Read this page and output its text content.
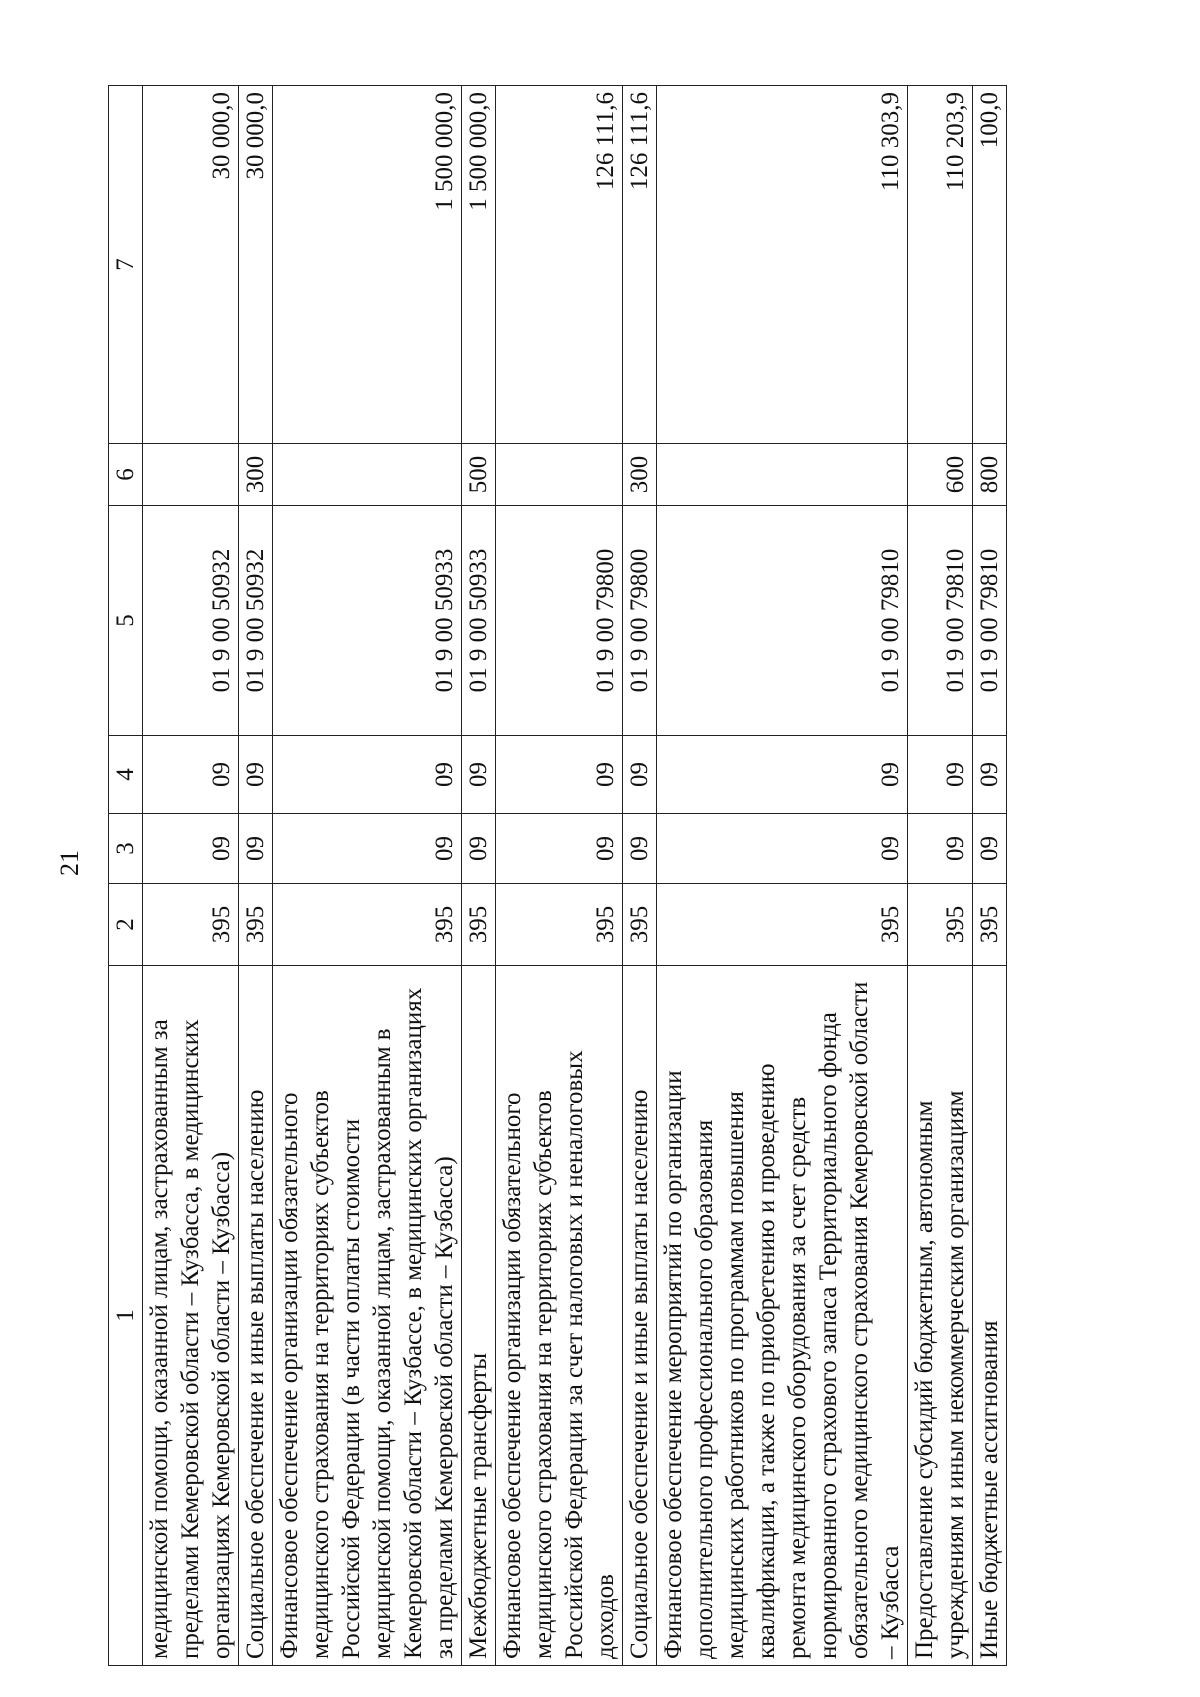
21
1	2	3	4	5	6	7
медицинской помощи, оказанной лицам, застрахованным за пределами Кемеровской области – Кузбасса, в медицинских организациях Кемеровской области – Кузбасса)	395	09	09	01 9 00 50932		30 000,0
Социальное обеспечение и иные выплаты населению	395	09	09	01 9 00 50932	300	30 000,0
Финансовое обеспечение организации обязательного медицинского страхования на территориях субъектов Российской Федерации (в части оплаты стоимости медицинской помощи, оказанной лицам, застрахованным в Кемеровской области – Кузбассе, в медицинских организациях за пределами Кемеровской области – Кузбасса)	395	09	09	01 9 00 50933		1 500 000,0
Межбюджетные трансферты	395	09	09	01 9 00 50933	500	1 500 000,0
Финансовое обеспечение организации обязательного медицинского страхования на территориях субъектов Российской Федерации за счет налоговых и неналоговых доходов	395	09	09	01 9 00 79800		126 111,6
Социальное обеспечение и иные выплаты населению	395	09	09	01 9 00 79800	300	126 111,6
Финансовое обеспечение мероприятий по организации дополнительного профессионального образования медицинских работников по программам повышения квалификации, а также по приобретению и проведению ремонта медицинского оборудования за счет средств нормированного страхового запаса Территориального фонда обязательного медицинского страхования Кемеровской области – Кузбасса	395	09	09	01 9 00 79810		110 303,9
Предоставление субсидий бюджетным, автономным учреждениям и иным некоммерческим организациям	395	09	09	01 9 00 79810	600	110 203,9
Иные бюджетные ассигнования	395	09	09	01 9 00 79810	800	100,0
